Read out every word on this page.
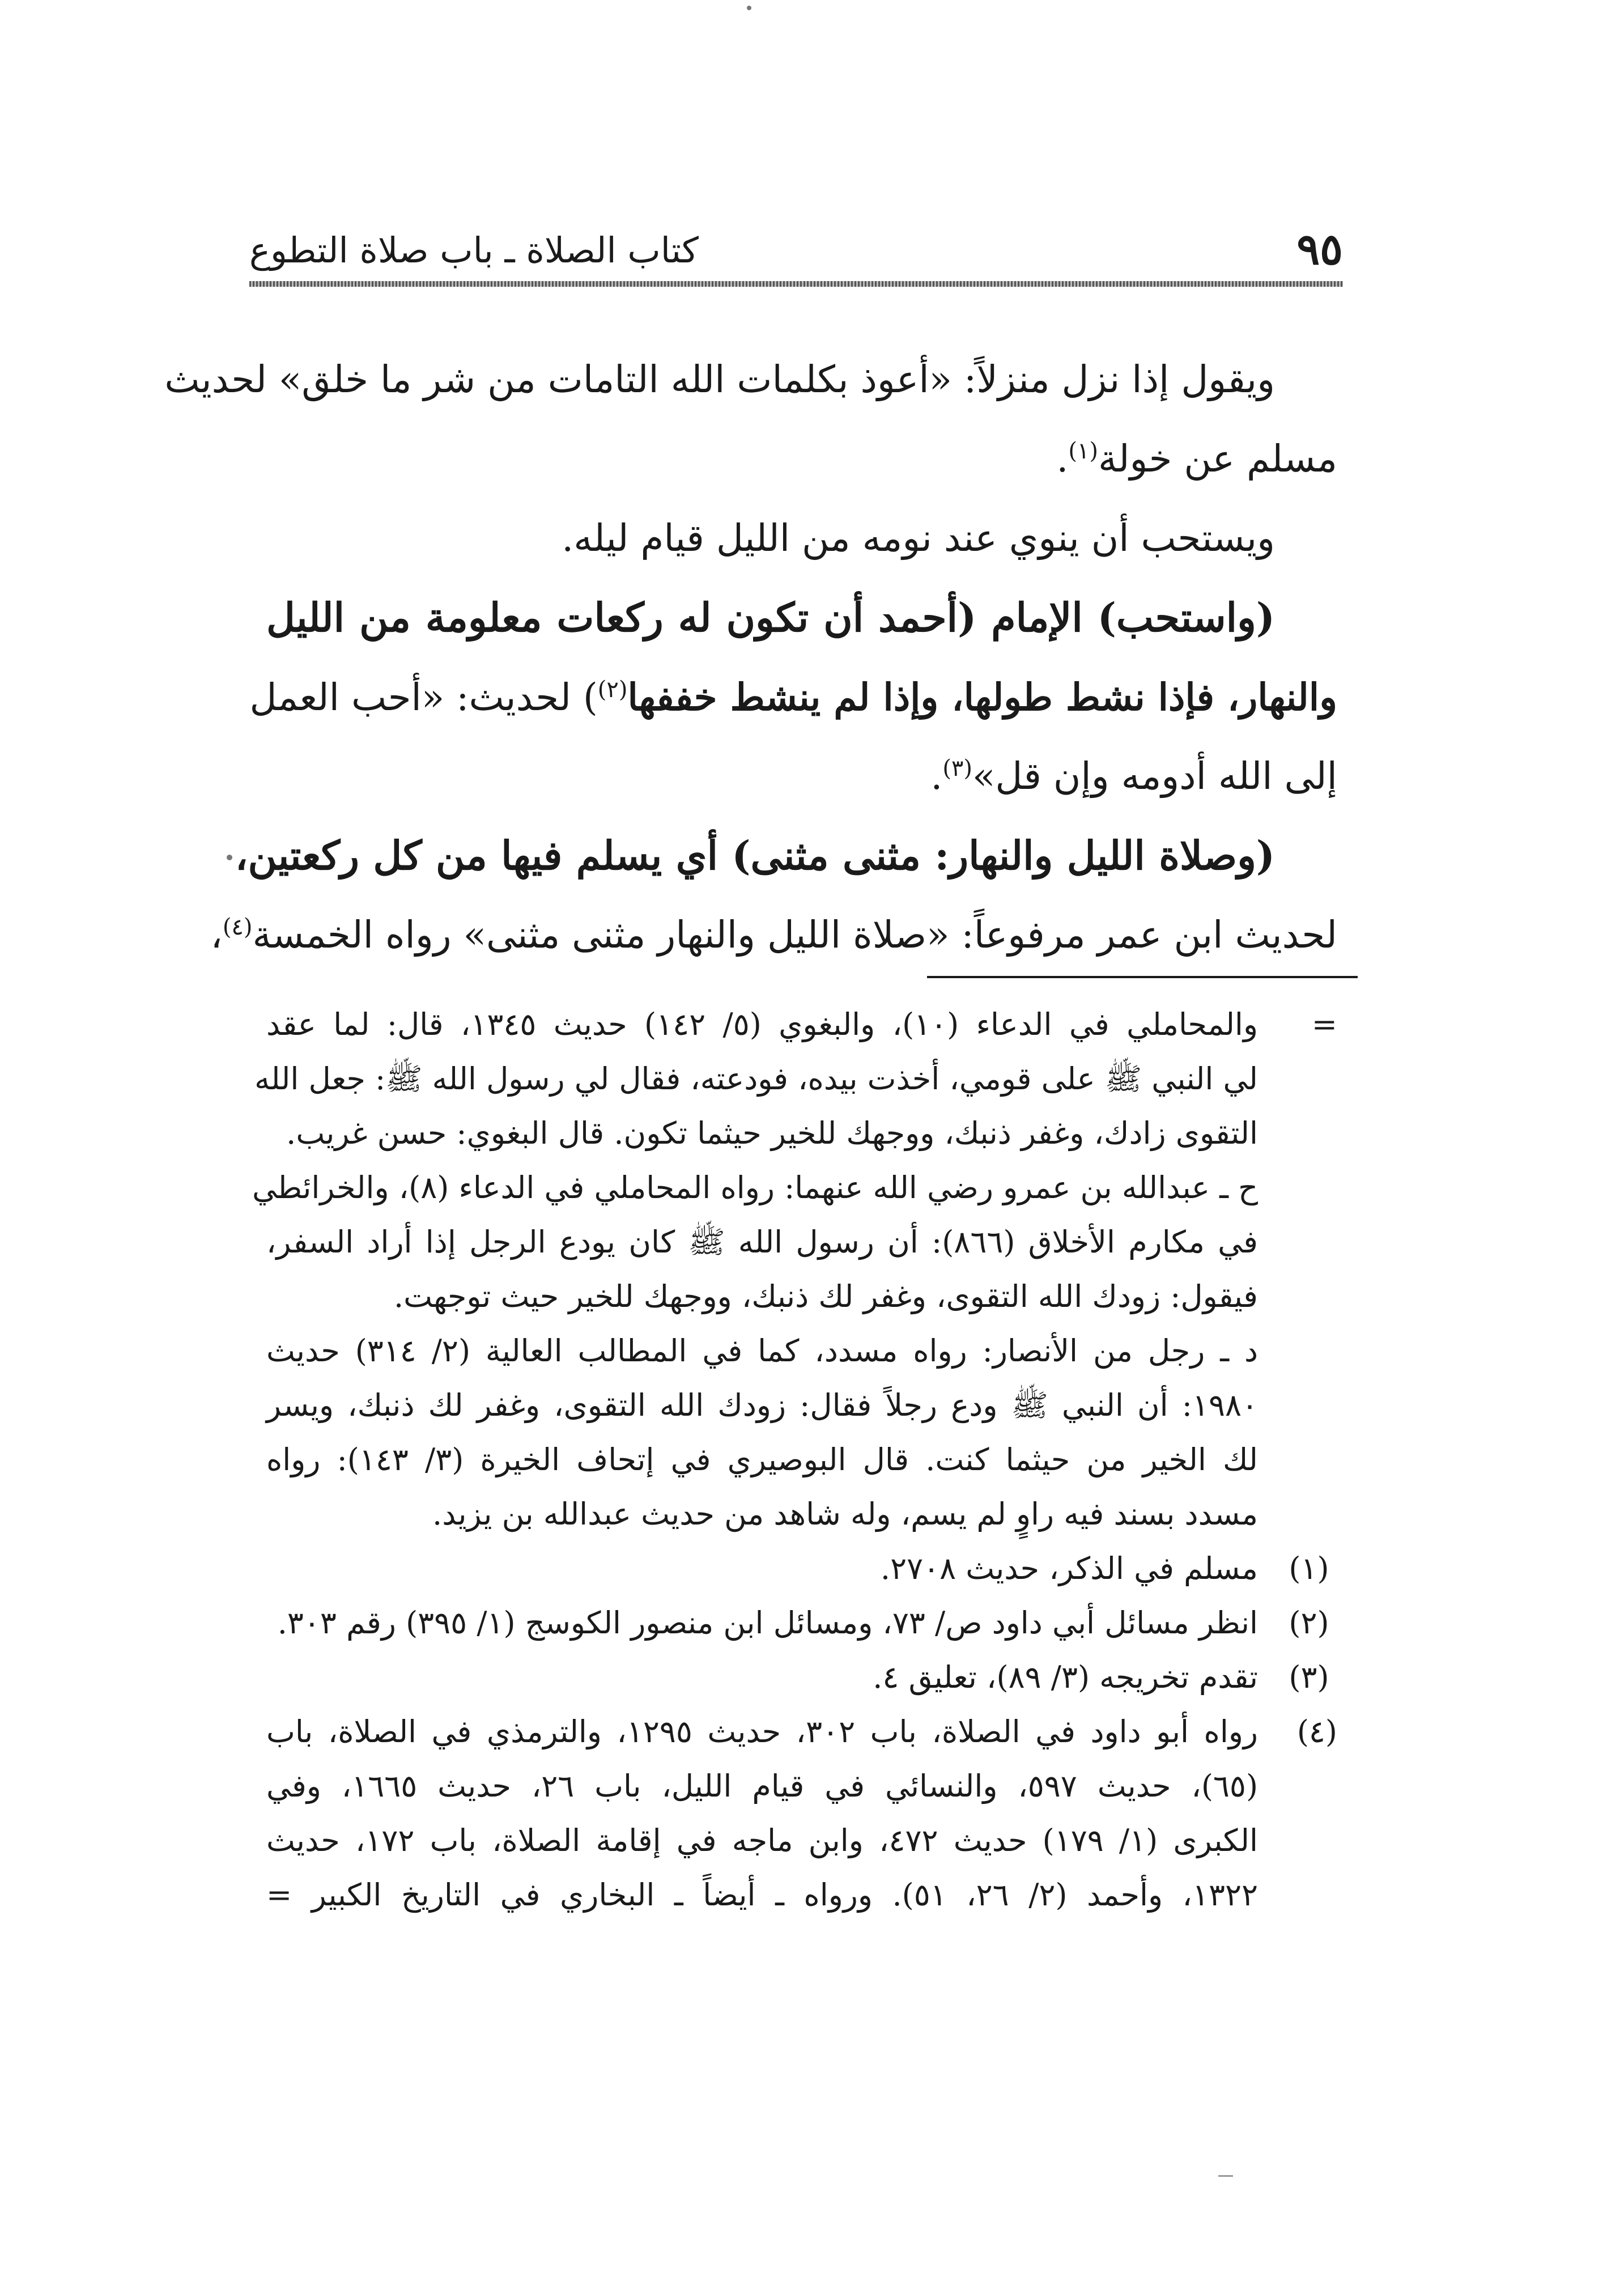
٩٥
كتاب الصلاة ـ باب صلاة التطوع
ويقول إذا نزل منزلاً: «أعوذ بكلمات الله التامات من شر ما خلق» لحديث
مسلم عن خولة$^{(١)}$.
ويستحب أن ينوي عند نومه من الليل قيام ليله.
(واستحب) الإمام (أحمد أن تكون له ركعات معلومة من الليل
والنهار، فإذا نشط طولها، وإذا لم ينشط خففها$^{(٢)}$) لحديث: «أحب العمل
إلى الله أدومه وإن قل»$^{(٣)}$.
(وصلاة الليل والنهار: مثنى مثنى) أي يسلم فيها من كل ركعتين،
لحديث ابن عمر مرفوعاً: «صلاة الليل والنهار مثنى مثنى» رواه الخمسة$^{(٤)}$،
=
والمحاملي في الدعاء (١٠)، والبغوي (٥/ ١٤٢) حديث ١٣٤٥، قال: لما عقد
لي النبي ﷺ على قومي، أخذت بيده، فودعته، فقال لي رسول الله ﷺ: جعل الله
التقوى زادك، وغفر ذنبك، ووجهك للخير حيثما تكون. قال البغوي: حسن غريب.
ح ـ عبدالله بن عمرو رضي الله عنهما: رواه المحاملي في الدعاء (٨)، والخرائطي
في مكارم الأخلاق (٨٦٦): أن رسول الله ﷺ كان يودع الرجل إذا أراد السفر،
فيقول: زودك الله التقوى، وغفر لك ذنبك، ووجهك للخير حيث توجهت.
د ـ رجل من الأنصار: رواه مسدد، كما في المطالب العالية (٢/ ٣١٤) حديث
١٩٨٠: أن النبي ﷺ ودع رجلاً فقال: زودك الله التقوى، وغفر لك ذنبك، ويسر
لك الخير من حيثما كنت. قال البوصيري في إتحاف الخيرة (٣/ ١٤٣): رواه
مسدد بسند فيه راوٍ لم يسم، وله شاهد من حديث عبدالله بن يزيد.
(١)
مسلم في الذكر، حديث ٢٧٠٨.
(٢)
انظر مسائل أبي داود ص/ ٧٣، ومسائل ابن منصور الكوسج (١/ ٣٩٥) رقم ٣٠٣.
(٣)
تقدم تخريجه (٣/ ٨٩)، تعليق ٤.
(٤)
رواه أبو داود في الصلاة، باب ٣٠٢، حديث ١٢٩٥، والترمذي في الصلاة، باب
(٦٥)، حديث ٥٩٧، والنسائي في قيام الليل، باب ٢٦، حديث ١٦٦٥، وفي
الكبرى (١/ ١٧٩) حديث ٤٧٢، وابن ماجه في إقامة الصلاة، باب ١٧٢، حديث
١٣٢٢، وأحمد (٢/ ٢٦، ٥١). ورواه ـ أيضاً ـ البخاري في التاريخ الكبير =
